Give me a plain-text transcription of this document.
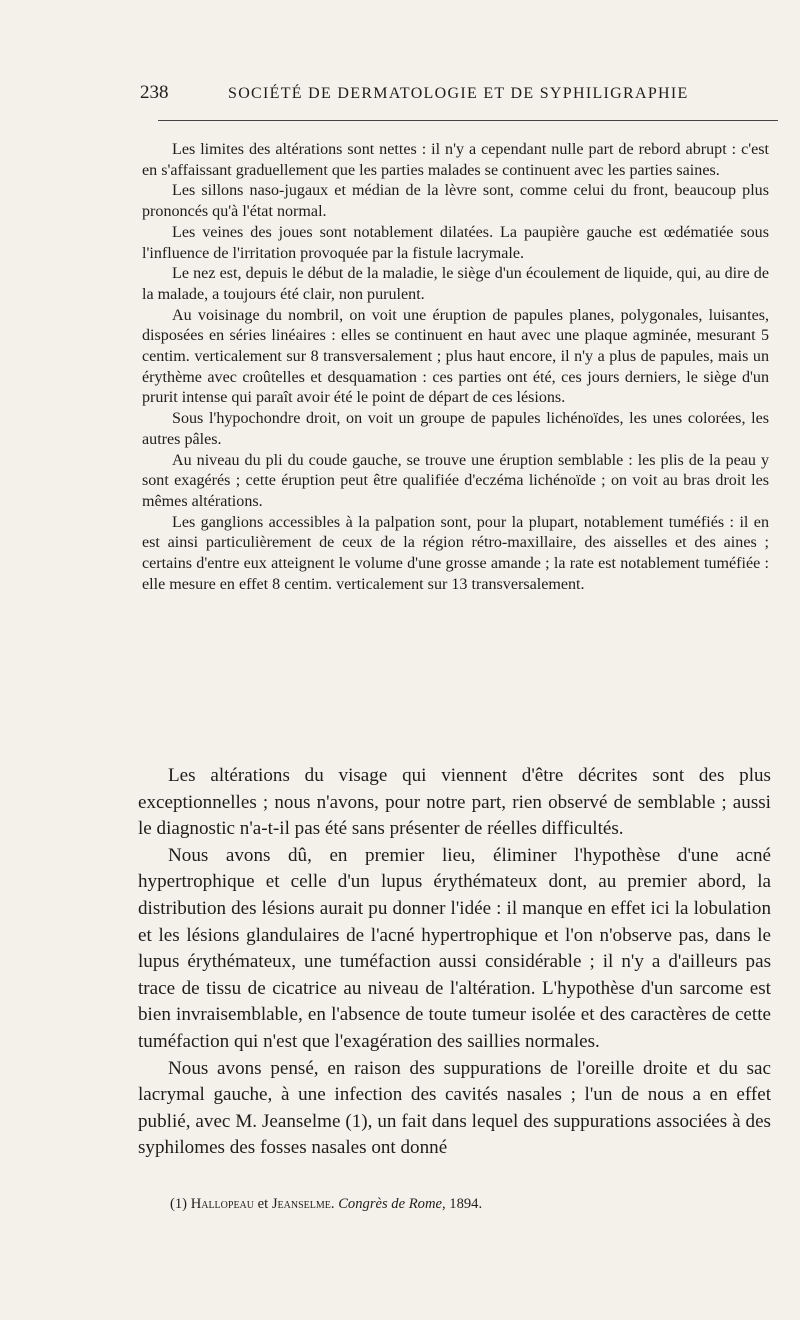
238	SOCIÉTÉ DE DERMATOLOGIE ET DE SYPHILIGRAPHIE

Les limites des altérations sont nettes : il n'y a cependant nulle part de rebord abrupt : c'est en s'affaissant graduellement que les parties malades se continuent avec les parties saines.

Les sillons naso-jugaux et médian de la lèvre sont, comme celui du front, beaucoup plus prononcés qu'à l'état normal.

Les veines des joues sont notablement dilatées. La paupière gauche est œdématiée sous l'influence de l'irritation provoquée par la fistule lacrymale.

Le nez est, depuis le début de la maladie, le siège d'un écoulement de liquide, qui, au dire de la malade, a toujours été clair, non purulent.

Au voisinage du nombril, on voit une éruption de papules planes, polygonales, luisantes, disposées en séries linéaires : elles se continuent en haut avec une plaque agminée, mesurant 5 centim. verticalement sur 8 transversalement ; plus haut encore, il n'y a plus de papules, mais un érythème avec croûtelles et desquamation : ces parties ont été, ces jours derniers, le siège d'un prurit intense qui paraît avoir été le point de départ de ces lésions.

Sous l'hypochondre droit, on voit un groupe de papules lichénoïdes, les unes colorées, les autres pâles.

Au niveau du pli du coude gauche, se trouve une éruption semblable : les plis de la peau y sont exagérés ; cette éruption peut être qualifiée d'eczéma lichénoïde ; on voit au bras droit les mêmes altérations.

Les ganglions accessibles à la palpation sont, pour la plupart, notablement tuméfiés : il en est ainsi particulièrement de ceux de la région rétro-maxillaire, des aisselles et des aines ; certains d'entre eux atteignent le volume d'une grosse amande ; la rate est notablement tuméfiée : elle mesure en effet 8 centim. verticalement sur 13 transversalement.

Les altérations du visage qui viennent d'être décrites sont des plus exceptionnelles ; nous n'avons, pour notre part, rien observé de semblable ; aussi le diagnostic n'a-t-il pas été sans présenter de réelles difficultés.

Nous avons dû, en premier lieu, éliminer l'hypothèse d'une acné hypertrophique et celle d'un lupus érythémateux dont, au premier abord, la distribution des lésions aurait pu donner l'idée : il manque en effet ici la lobulation et les lésions glandulaires de l'acné hypertrophique et l'on n'observe pas, dans le lupus érythémateux, une tuméfaction aussi considérable ; il n'y a d'ailleurs pas trace de tissu de cicatrice au niveau de l'altération. L'hypothèse d'un sarcome est bien invraisemblable, en l'absence de toute tumeur isolée et des caractères de cette tuméfaction qui n'est que l'exagération des saillies normales.

Nous avons pensé, en raison des suppurations de l'oreille droite et du sac lacrymal gauche, à une infection des cavités nasales ; l'un de nous a en effet publié, avec M. Jeanselme (1), un fait dans lequel des suppurations associées à des syphilomes des fosses nasales ont donné

(1) Hallopeau et Jeanselme. Congrès de Rome, 1894.
